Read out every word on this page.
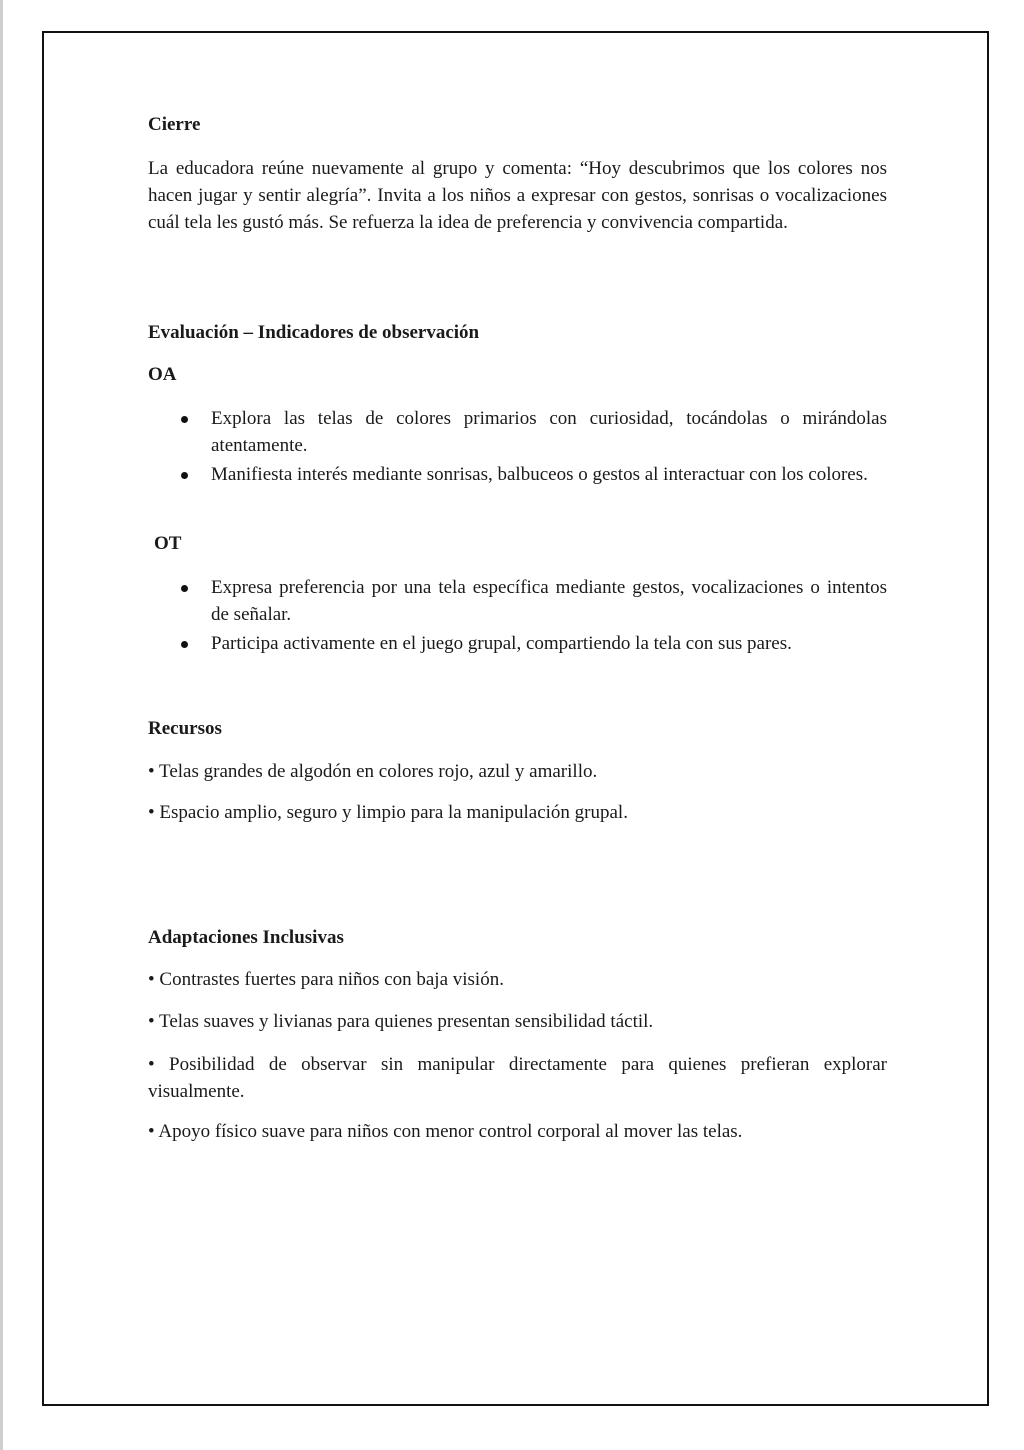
Cierre

La educadora reúne nuevamente al grupo y comenta: “Hoy descubrimos que los colores nos hacen jugar y sentir alegría”. Invita a los niños a expresar con gestos, sonrisas o vocalizaciones cuál tela les gustó más. Se refuerza la idea de preferencia y convivencia compartida.

Evaluación – Indicadores de observación
OA
Explora las telas de colores primarios con curiosidad, tocándolas o mirándolas atentamente.
Manifiesta interés mediante sonrisas, balbuceos o gestos al interactuar con los colores.
OT
Expresa preferencia por una tela específica mediante gestos, vocalizaciones o intentos de señalar.
Participa activamente en el juego grupal, compartiendo la tela con sus pares.
Recursos

• Telas grandes de algodón en colores rojo, azul y amarillo.

• Espacio amplio, seguro y limpio para la manipulación grupal.

Adaptaciones Inclusivas

• Contrastes fuertes para niños con baja visión.

• Telas suaves y livianas para quienes presentan sensibilidad táctil.

• Posibilidad de observar sin manipular directamente para quienes prefieran explorar visualmente.

• Apoyo físico suave para niños con menor control corporal al mover las telas.
